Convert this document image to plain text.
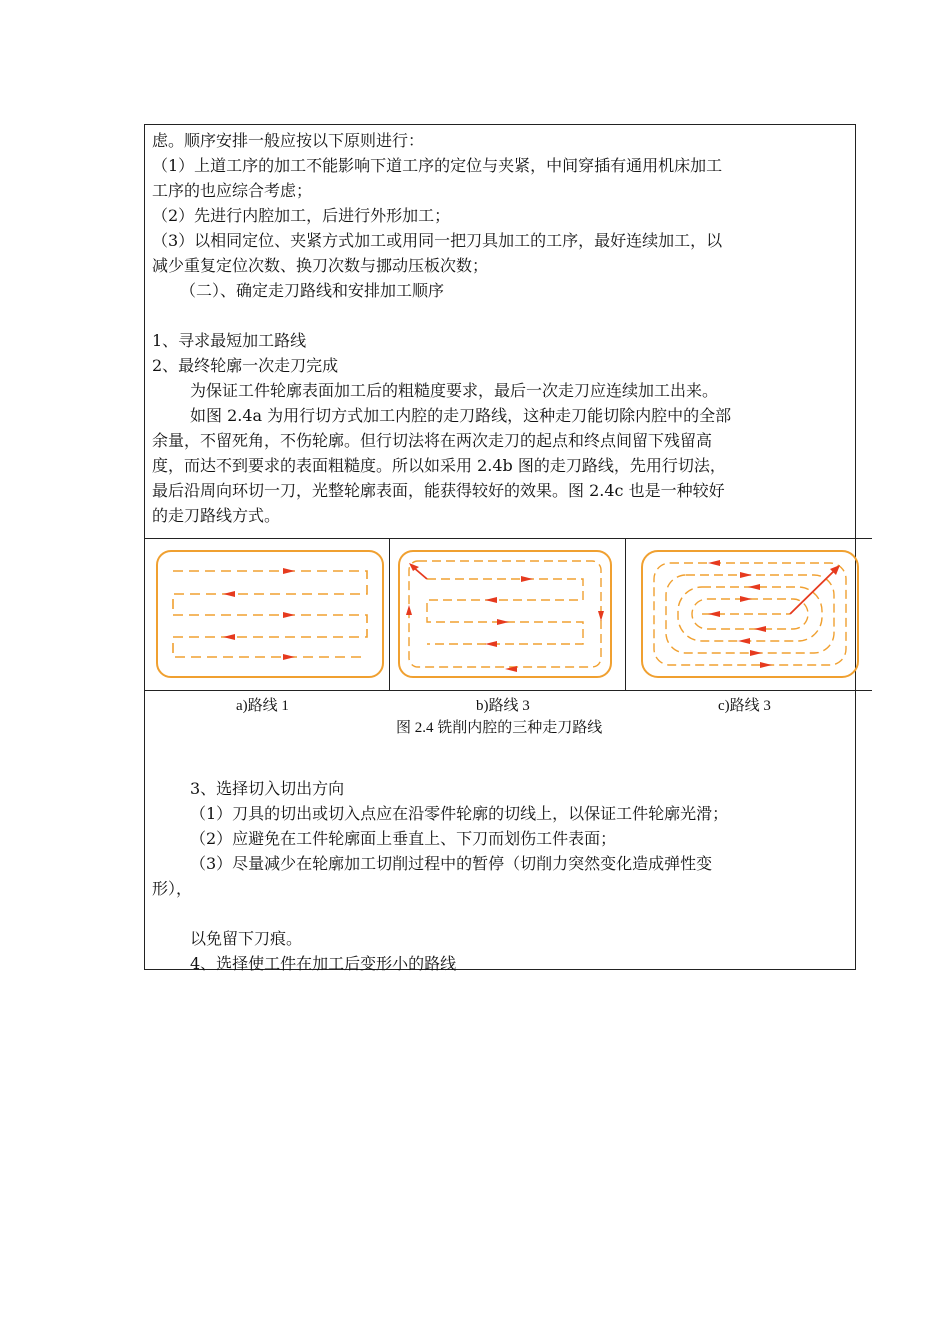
虑。顺序安排一般应按以下原则进行：
（1）上道工序的加工不能影响下道工序的定位与夹紧，中间穿插有通用机床加工
工序的也应综合考虑；
（2）先进行内腔加工，后进行外形加工；
（3）以相同定位、夹紧方式加工或用同一把刀具加工的工序，最好连续加工，以
减少重复定位次数、换刀次数与挪动压板次数；
（二）、确定走刀路线和安排加工顺序
1、寻求最短加工路线
2、最终轮廓一次走刀完成
为保证工件轮廓表面加工后的粗糙度要求，最后一次走刀应连续加工出来。
如图 2.4a 为用行切方式加工内腔的走刀路线，这种走刀能切除内腔中的全部
余量，不留死角，不伤轮廓。但行切法将在两次走刀的起点和终点间留下残留高
度，而达不到要求的表面粗糙度。所以如采用 2.4b 图的走刀路线，先用行切法，
最后沿周向环切一刀，光整轮廓表面，能获得较好的效果。图 2.4c 也是一种较好
的走刀路线方式。
a)路线 1	b)路线 3	c)路线 3
图 2.4 铣削内腔的三种走刀路线
3、选择切入切出方向
（1）刀具的切出或切入点应在沿零件轮廓的切线上，以保证工件轮廓光滑；
（2）应避免在工件轮廓面上垂直上、下刀而划伤工件表面；
（3）尽量减少在轮廓加工切削过程中的暂停（切削力突然变化造成弹性变
形），
以免留下刀痕。
4、选择使工件在加工后变形小的路线
